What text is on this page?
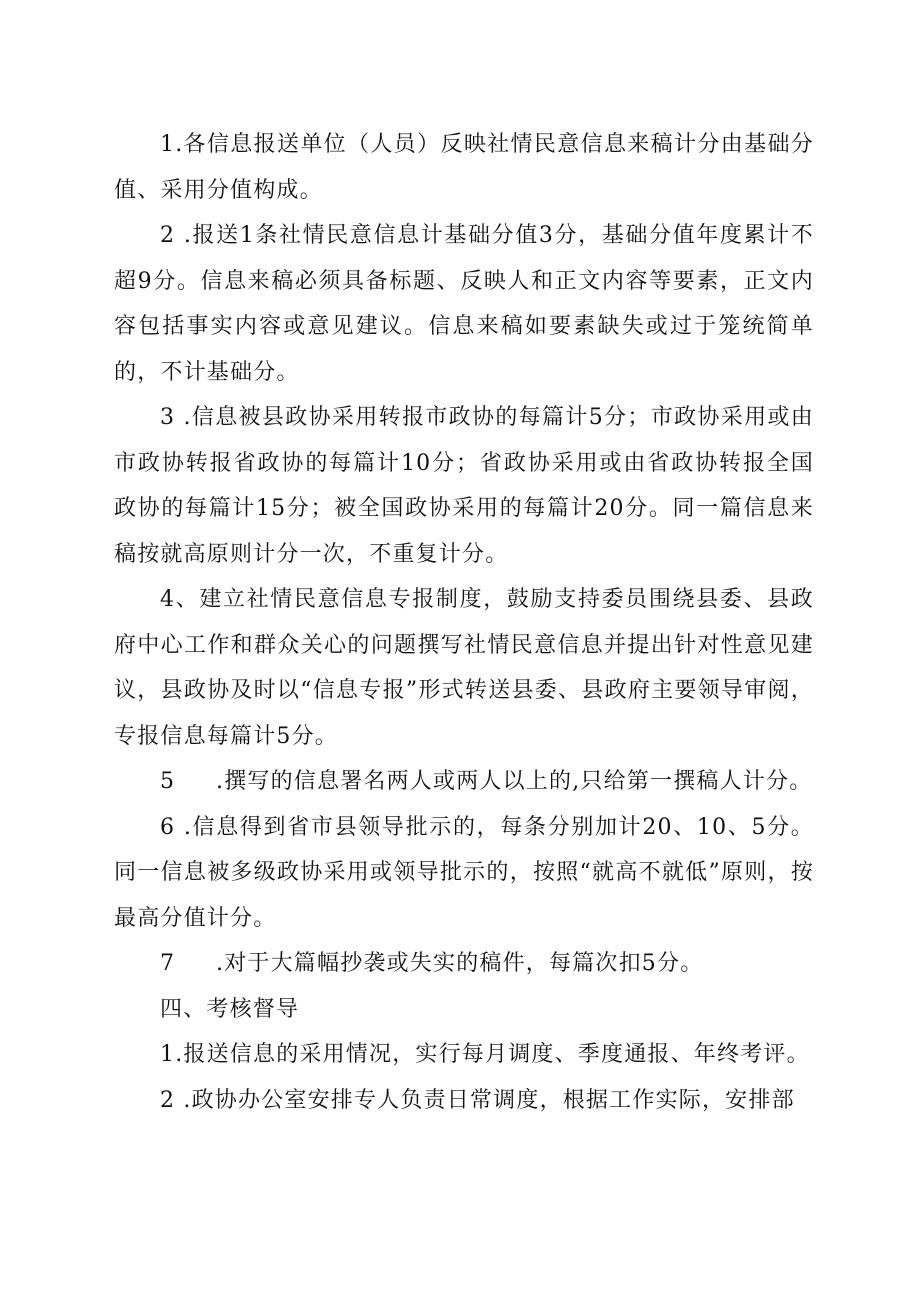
1.各信息报送单位（人员）反映社情民意信息来稿计分由基础分值、采用分值构成。

2 .报送1条社情民意信息计基础分值3分，基础分值年度累计不超9分。信息来稿必须具备标题、反映人和正文内容等要素，正文内容包括事实内容或意见建议。信息来稿如要素缺失或过于笼统简单的，不计基础分。

3 .信息被县政协采用转报市政协的每篇计5分；市政协采用或由市政协转报省政协的每篇计10分；省政协采用或由省政协转报全国政协的每篇计15分；被全国政协采用的每篇计20分。同一篇信息来稿按就高原则计分一次，不重复计分。

4、建立社情民意信息专报制度，鼓励支持委员围绕县委、县政府中心工作和群众关心的问题撰写社情民意信息并提出针对性意见建议，县政协及时以“信息专报”形式转送县委、县政府主要领导审阅，专报信息每篇计5分。

5 .撰写的信息署名两人或两人以上的,只给第一撰稿人计分。

6 .信息得到省市县领导批示的，每条分别加计20、10、5分。同一信息被多级政协采用或领导批示的，按照“就高不就低”原则，按最高分值计分。

7 .对于大篇幅抄袭或失实的稿件，每篇次扣5分。

四、考核督导

1.报送信息的采用情况，实行每月调度、季度通报、年终考评。

2 .政协办公室安排专人负责日常调度，根据工作实际，安排部
